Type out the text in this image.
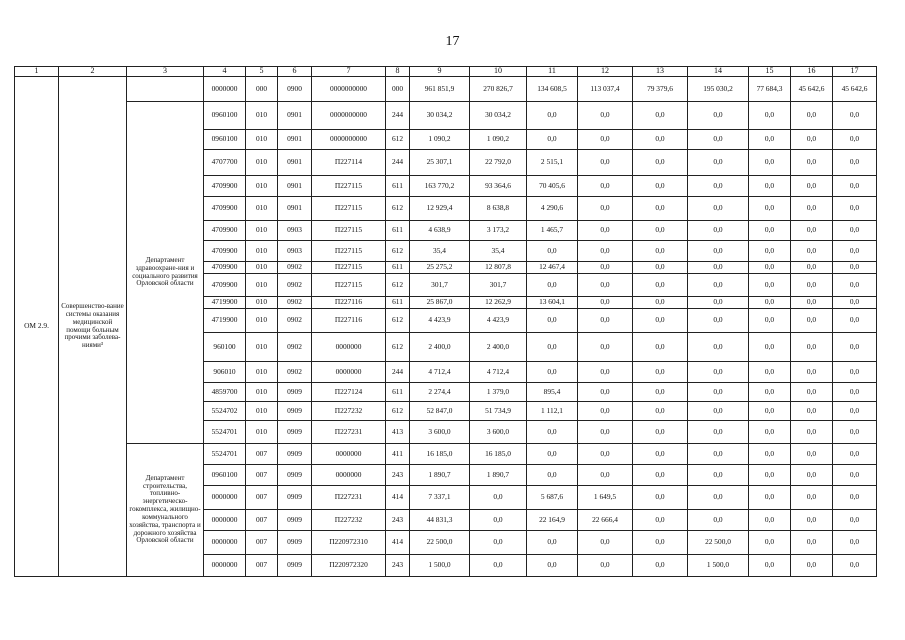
17
1	2	3	4	5	6	7	8	9	10	11	12	13	14	15	16	17
ОМ 2.9.	Совершенство-вание системы оказания медицинской помощи больным прочими заболева-ниями³		0000000	000	0900	0000000000	000	961 851,9	270 826,7	134 608,5	113 037,4	79 379,6	195 030,2	77 684,3	45 642,6	45 642,6
		Департамент здравоохране-ния и социального развития Орловской области	0960100	010	0901	0000000000	244	30 034,2	30 034,2	0,0	0,0	0,0	0,0	0,0	0,0	0,0
			0960100	010	0901	0000000000	612	1 090,2	1 090,2	0,0	0,0	0,0	0,0	0,0	0,0	0,0
			4707700	010	0901	П227114	244	25 307,1	22 792,0	2 515,1	0,0	0,0	0,0	0,0	0,0	0,0
			4709900	010	0901	П227115	611	163 770,2	93 364,6	70 405,6	0,0	0,0	0,0	0,0	0,0	0,0
			4709900	010	0901	П227115	612	12 929,4	8 638,8	4 290,6	0,0	0,0	0,0	0,0	0,0	0,0
			4709900	010	0903	П227115	611	4 638,9	3 173,2	1 465,7	0,0	0,0	0,0	0,0	0,0	0,0
			4709900	010	0903	П227115	612	35,4	35,4	0,0	0,0	0,0	0,0	0,0	0,0	0,0
			4709900	010	0902	П227115	611	25 275,2	12 807,8	12 467,4	0,0	0,0	0,0	0,0	0,0	0,0
			4709900	010	0902	П227115	612	301,7	301,7	0,0	0,0	0,0	0,0	0,0	0,0	0,0
			4719900	010	0902	П227116	611	25 867,0	12 262,9	13 604,1	0,0	0,0	0,0	0,0	0,0	0,0
			4719900	010	0902	П227116	612	4 423,9	4 423,9	0,0	0,0	0,0	0,0	0,0	0,0	0,0
			960100	010	0902	0000000	612	2 400,0	2 400,0	0,0	0,0	0,0	0,0	0,0	0,0	0,0
			906010	010	0902	0000000	244	4 712,4	4 712,4	0,0	0,0	0,0	0,0	0,0	0,0	0,0
			4859700	010	0909	П227124	611	2 274,4	1 379,0	895,4	0,0	0,0	0,0	0,0	0,0	0,0
			5524702	010	0909	П227232	612	52 847,0	51 734,9	1 112,1	0,0	0,0	0,0	0,0	0,0	0,0
			5524701	010	0909	П227231	413	3 600,0	3 600,0	0,0	0,0	0,0	0,0	0,0	0,0	0,0
		Департамент строительства, топливно-энергетическо-гокомплекса, жилищно-коммунального хозяйства, транспорта и дорожного хозяйства Орловской области	5524701	007	0909	0000000	411	16 185,0	16 185,0	0,0	0,0	0,0	0,0	0,0	0,0	0,0
			0960100	007	0909	0000000	243	1 890,7	1 890,7	0,0	0,0	0,0	0,0	0,0	0,0	0,0
			0000000	007	0909	П227231	414	7 337,1	0,0	5 687,6	1 649,5	0,0	0,0	0,0	0,0	0,0
			0000000	007	0909	П227232	243	44 831,3	0,0	22 164,9	22 666,4	0,0	0,0	0,0	0,0	0,0
			0000000	007	0909	П220972310	414	22 500,0	0,0	0,0	0,0	0,0	22 500,0	0,0	0,0	0,0
			0000000	007	0909	П220972320	243	1 500,0	0,0	0,0	0,0	0,0	1 500,0	0,0	0,0	0,0
